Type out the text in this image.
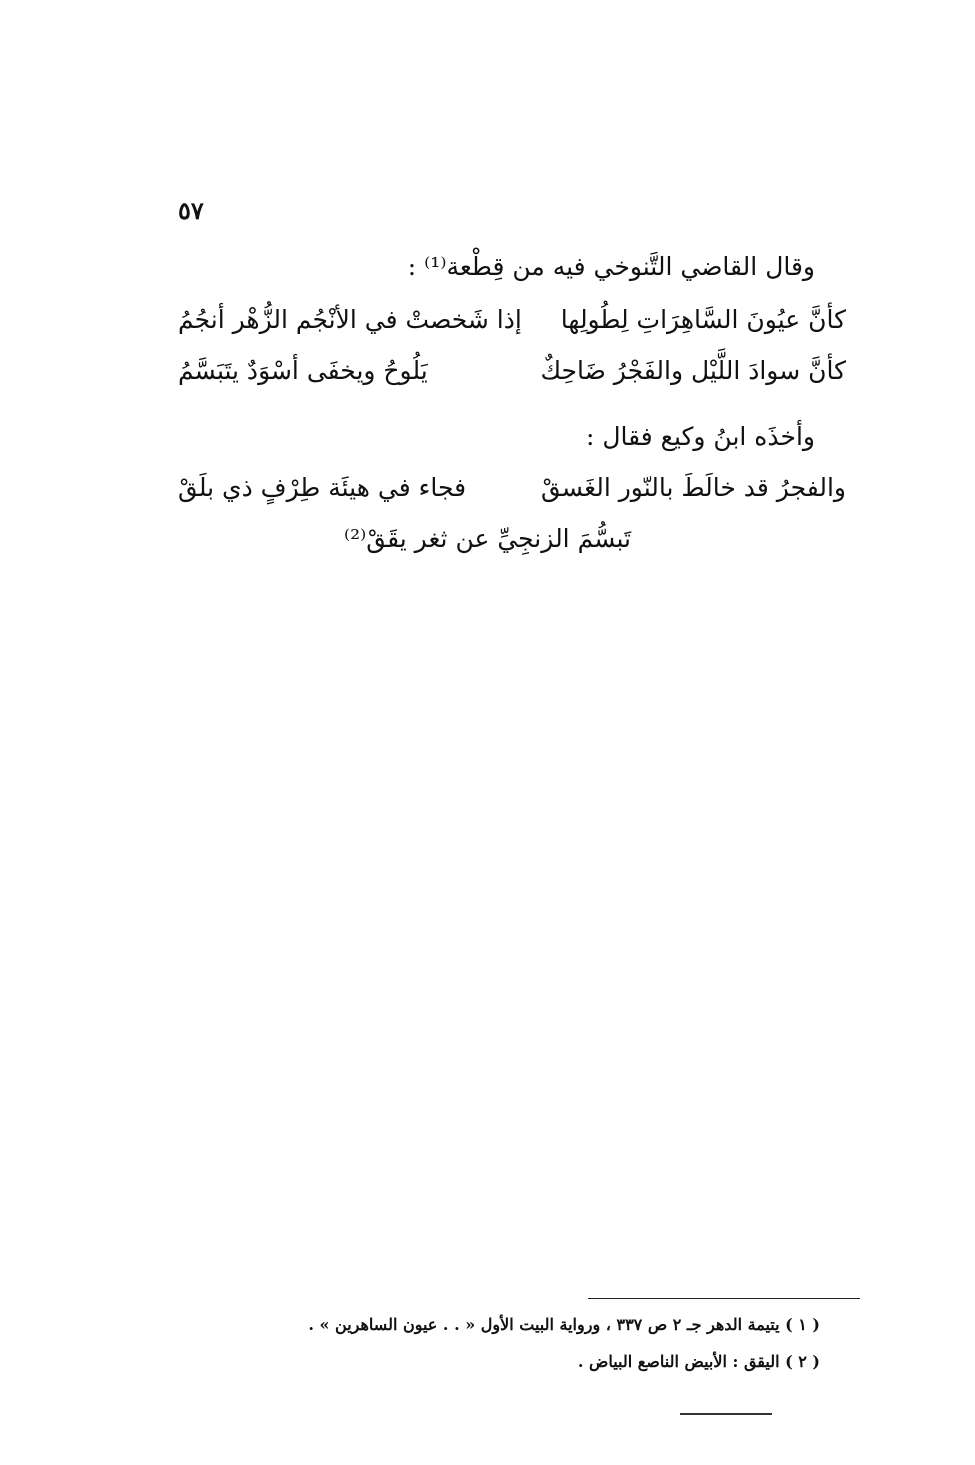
٥٧
وقال القاضي التَّنوخي فيه من قِطْعة⁽¹⁾ :
كأنَّ عيُونَ السَّاهِرَاتِ لِطُولِها
إذا شَخصتْ في الأنْجُم الزُّهْر أنجُمُ
كأنَّ سوادَ اللَّيْل والفَجْرُ ضَاحِكٌ
يَلُوحُ ويخفَى أسْوَدٌ يتَبَسَّمُ
وأخذَه ابنُ وكيع فقال :
والفجرُ قد خالَطَ بالنّور الغَسقْ
فجاء في هيئَة طِرْفٍ ذي بلَقْ
تَبسُّمَ الزنجِيِّ عن ثغر يقَقْ⁽²⁾
( ١ ) يتيمة الدهر جـ ٢ ص ٣٣٧ ، ورواية البيت الأول « . . عيون الساهرين » .
( ٢ ) اليقق : الأبيض الناصع البياض .
